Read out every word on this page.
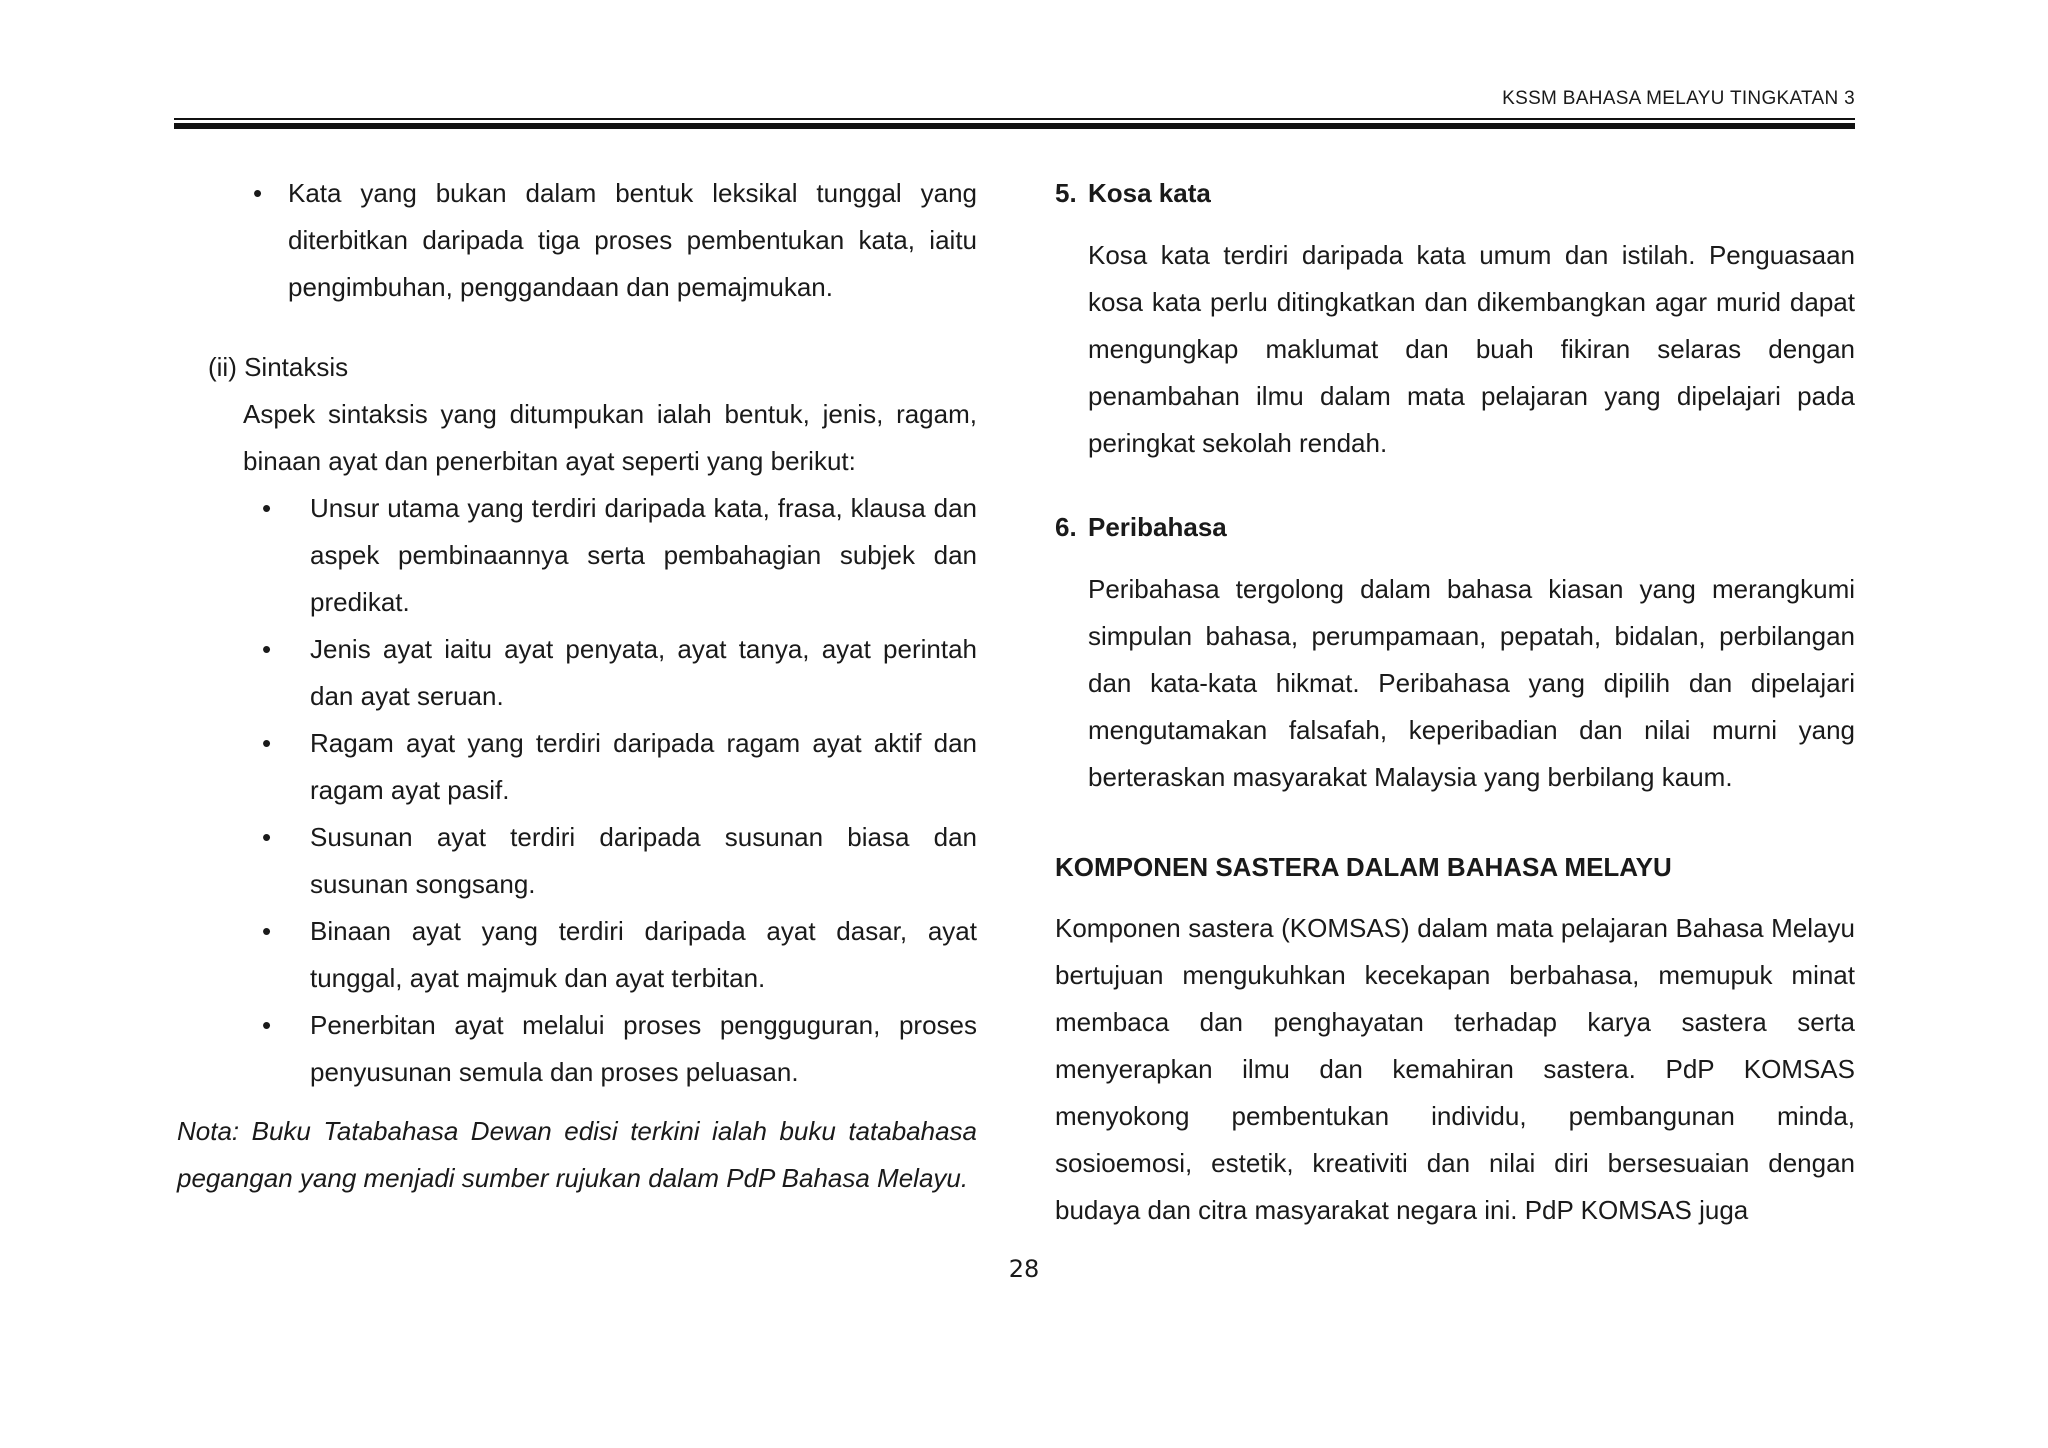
KSSM BAHASA MELAYU TINGKATAN 3
• Kata yang bukan dalam bentuk leksikal tunggal yang diterbitkan daripada tiga proses pembentukan kata, iaitu pengimbuhan, penggandaan dan pemajmukan.
(ii) Sintaksis
Aspek sintaksis yang ditumpukan ialah bentuk, jenis, ragam, binaan ayat dan penerbitan ayat seperti yang berikut:
•	Unsur utama yang terdiri daripada kata, frasa, klausa dan aspek pembinaannya serta pembahagian subjek dan predikat.
•	Jenis ayat iaitu ayat penyata, ayat tanya, ayat perintah dan ayat seruan.
•	Ragam ayat yang terdiri daripada ragam ayat aktif dan ragam ayat pasif.
•	Susunan ayat terdiri daripada susunan biasa dan susunan songsang.
•	Binaan ayat yang terdiri daripada ayat dasar, ayat tunggal, ayat majmuk dan ayat terbitan.
•	Penerbitan ayat melalui proses pengguguran, proses penyusunan semula dan proses peluasan.
Nota: Buku Tatabahasa Dewan edisi terkini ialah buku tatabahasa pegangan yang menjadi sumber rujukan dalam PdP Bahasa Melayu.
5. Kosa kata
Kosa kata terdiri daripada kata umum dan istilah. Penguasaan kosa kata perlu ditingkatkan dan dikembangkan agar murid dapat mengungkap maklumat dan buah fikiran selaras dengan penambahan ilmu dalam mata pelajaran yang dipelajari pada peringkat sekolah rendah.
6. Peribahasa
Peribahasa tergolong dalam bahasa kiasan yang merangkumi simpulan bahasa, perumpamaan, pepatah, bidalan, perbilangan dan kata-kata hikmat. Peribahasa yang dipilih dan dipelajari mengutamakan falsafah, keperibadian dan nilai murni yang berteraskan masyarakat Malaysia yang berbilang kaum.
KOMPONEN SASTERA DALAM BAHASA MELAYU
Komponen sastera (KOMSAS) dalam mata pelajaran Bahasa Melayu bertujuan mengukuhkan kecekapan berbahasa, memupuk minat membaca dan penghayatan terhadap karya sastera serta menyerapkan ilmu dan kemahiran sastera. PdP KOMSAS menyokong pembentukan individu, pembangunan minda, sosioemosi, estetik, kreativiti dan nilai diri bersesuaian dengan budaya dan citra masyarakat negara ini. PdP KOMSAS juga
28
